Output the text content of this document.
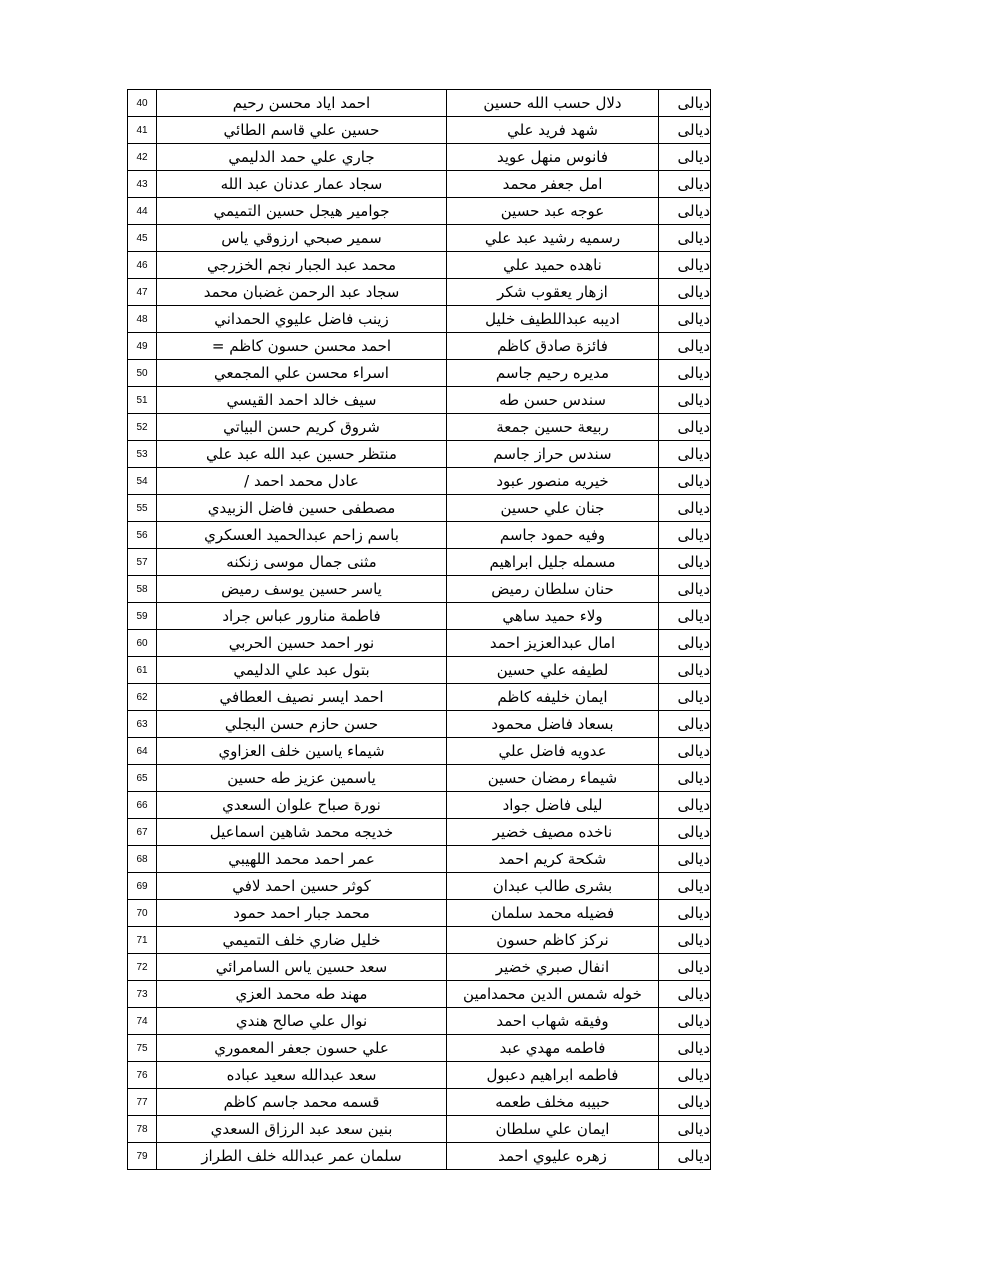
40	احمد اياد محسن رحيم	دلال حسب الله حسين	ديالى
41	حسين علي قاسم الطائي	شهد فريد علي	ديالى
42	جاري علي حمد الدليمي	فانوس منهل عويد	ديالى
43	سجاد عمار عدنان عبد الله	امل جعفر محمد	ديالى
44	جوامير هيجل حسين التميمي	عوجه عبد حسين	ديالى
45	سمير صبحي ارزوقي ياس	رسميه رشيد عبد علي	ديالى
46	محمد عبد الجبار نجم الخزرجي	ناهده حميد علي	ديالى
47	سجاد عبد الرحمن غضبان محمد	ازهار يعقوب شكر	ديالى
48	زينب فاضل عليوي الحمداني	اديبه عبداللطيف خليل	ديالى
49	احمد محسن حسون كاظم =	فائزة صادق كاظم	ديالى
50	اسراء محسن علي المجمعي	مديره رحيم جاسم	ديالى
51	سيف خالد احمد القيسي	سندس حسن طه	ديالى
52	شروق كريم حسن البياتي	ربيعة حسين جمعة	ديالى
53	منتظر حسين عبد الله عبد علي	سندس حراز جاسم	ديالى
54	عادل محمد احمد /	خيريه منصور عبود	ديالى
55	مصطفى حسين فاضل الزبيدي	جنان علي حسين	ديالى
56	باسم زاحم عبدالحميد العسكري	وفيه حمود جاسم	ديالى
57	مثنى جمال موسى زنكنه	مسمله جليل ابراهيم	ديالى
58	ياسر حسين يوسف رميض	حنان سلطان رميض	ديالى
59	فاطمة منارور عباس جراد	ولاء حميد ساهي	ديالى
60	نور احمد حسين الحربي	امال عبدالعزيز احمد	ديالى
61	بتول عبد علي الدليمي	لطيفه علي حسين	ديالى
62	احمد ايسر نصيف العطافي	ايمان خليفه كاظم	ديالى
63	حسن حازم حسن البجلي	بسعاد فاضل محمود	ديالى
64	شيماء ياسين خلف العزاوي	عدويه فاضل علي	ديالى
65	ياسمين عزيز طه حسين	شيماء رمضان حسين	ديالى
66	نورة صباح علوان السعدي	ليلى فاضل جواد	ديالى
67	خديجه محمد شاهين اسماعيل	ناخده مصيف خضير	ديالى
68	عمر احمد محمد اللهيبي	شكحة كريم احمد	ديالى
69	كوثر حسين احمد لافي	بشرى طالب عبدان	ديالى
70	محمد جبار احمد حمود	فضيله محمد سلمان	ديالى
71	خليل ضاري خلف التميمي	نركز كاظم حسون	ديالى
72	سعد حسين ياس السامرائي	انفال صبري خضير	ديالى
73	مهند طه محمد العزي	خوله شمس الدين محمدامين	ديالى
74	نوال علي صالح هندي	وفيقه شهاب احمد	ديالى
75	علي حسون جعفر المعموري	فاطمه مهدي عبد	ديالى
76	سعد عبدالله سعيد عباده	فاطمه ابراهيم دعبول	ديالى
77	قسمه محمد جاسم كاظم	حبيبه مخلف طعمه	ديالى
78	بنين سعد عبد الرزاق السعدي	ايمان علي سلطان	ديالى
79	سلمان عمر عبدالله خلف الطراز	زهره عليوي احمد	ديالى
